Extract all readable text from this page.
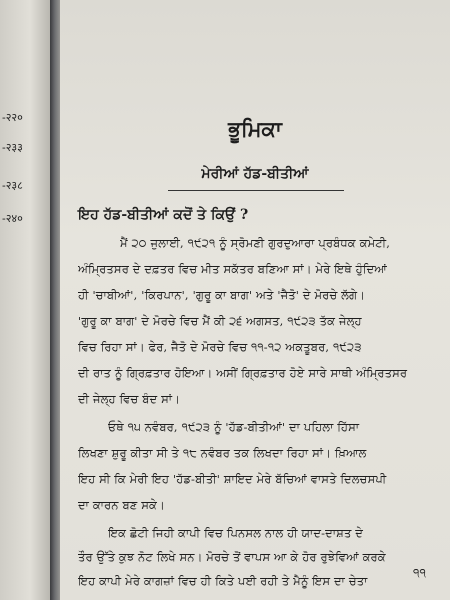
-२२०
-२३३
-२३८
-२४०
ਭੂਮਿਕਾ
ਮੇਰੀਆਂ ਹੱਡ-ਬੀਤੀਆਂ
ਇਹ ਹੱਡ-ਬੀਤੀਆਂ ਕਦੋਂ ਤੇ ਕਿਉਂ ?
ਮੈਂ ੨੦ ਜੁਲਾਈ, ੧੯੨੧ ਨੂੰ ਸ੍ਰੋਮਣੀ ਗੁਰਦੁਆਰਾ ਪ੍ਰਬੰਧਕ ਕਮੇਟੀ,
ਅੰਮ੍ਰਿਤਸਰ ਦੇ ਦਫ਼ਤਰ ਵਿਚ ਮੀਤ ਸਕੱਤਰ ਬਣਿਆ ਸਾਂ। ਮੇਰੇ ਇਥੇ ਹੁੰਦਿਆਂ
ਹੀ 'ਚਾਬੀਆਂ', 'ਕਿਰਪਾਨ', 'ਗੁਰੂ ਕਾ ਬਾਗ' ਅਤੇ 'ਜੈਤੋ' ਦੇ ਮੋਰਚੇ ਲੱਗੇ।
'ਗੁਰੂ ਕਾ ਬਾਗ' ਦੇ ਮੋਰਚੇ ਵਿਚ ਮੈਂ ਕੀ ੨੬ ਅਗਸਤ, ੧੯੨੩ ਤੱਕ ਜੇਲ੍ਹ
ਵਿਚ ਰਿਹਾ ਸਾਂ। ਫੇਰ, ਜੈਤੋ ਦੇ ਮੋਰਚੇ ਵਿਚ ੧੧-੧੨ ਅਕਤੂਬਰ, ੧੯੨੩
ਦੀ ਰਾਤ ਨੂੰ ਗ੍ਰਿਫ਼ਤਾਰ ਹੋਇਆ। ਅਸੀਂ ਗ੍ਰਿਫ਼ਤਾਰ ਹੋਏ ਸਾਰੇ ਸਾਥੀ ਅੰਮ੍ਰਿਤਸਰ
ਦੀ ਜੇਲ੍ਹ ਵਿਚ ਬੰਦ ਸਾਂ।
ਓਥੇ ੧੫ ਨਵੰਬਰ, ੧੯੨੩ ਨੂੰ 'ਹੱਡ-ਬੀਤੀਆਂ' ਦਾ ਪਹਿਲਾ ਹਿੱਸਾ
ਲਿਖਣਾ ਸ਼ੁਰੂ ਕੀਤਾ ਸੀ ਤੇ ੧੮ ਨਵੰਬਰ ਤਕ ਲਿਖਦਾ ਰਿਹਾ ਸਾਂ। ਖ਼ਿਆਲ
ਇਹ ਸੀ ਕਿ ਮੇਰੀ ਇਹ 'ਹੱਡ-ਬੀਤੀ' ਸ਼ਾਇਦ ਮੇਰੇ ਬੱਚਿਆਂ ਵਾਸਤੇ ਦਿਲਚਸਪੀ
ਦਾ ਕਾਰਨ ਬਣ ਸਕੇ।
ਇਕ ਛੋਟੀ ਜਿਹੀ ਕਾਪੀ ਵਿਚ ਪਿਨਸਲ ਨਾਲ ਹੀ ਯਾਦ-ਦਾਸ਼ਤ ਦੇ
ਤੌਰ ਉੱਤੇ ਕੁਝ ਨੋਟ ਲਿਖੇ ਸਨ। ਮੋਰਚੇ ਤੋਂ ਵਾਪਸ ਆ ਕੇ ਹੋਰ ਰੁਝੇਵਿਆਂ ਕਰਕੇ
ਇਹ ਕਾਪੀ ਮੇਰੇ ਕਾਗਜ਼ਾਂ ਵਿਚ ਹੀ ਕਿਤੇ ਪਈ ਰਹੀ ਤੇ ਮੈਨੂੰ ਇਸ ਦਾ ਚੇਤਾ
੧੧
